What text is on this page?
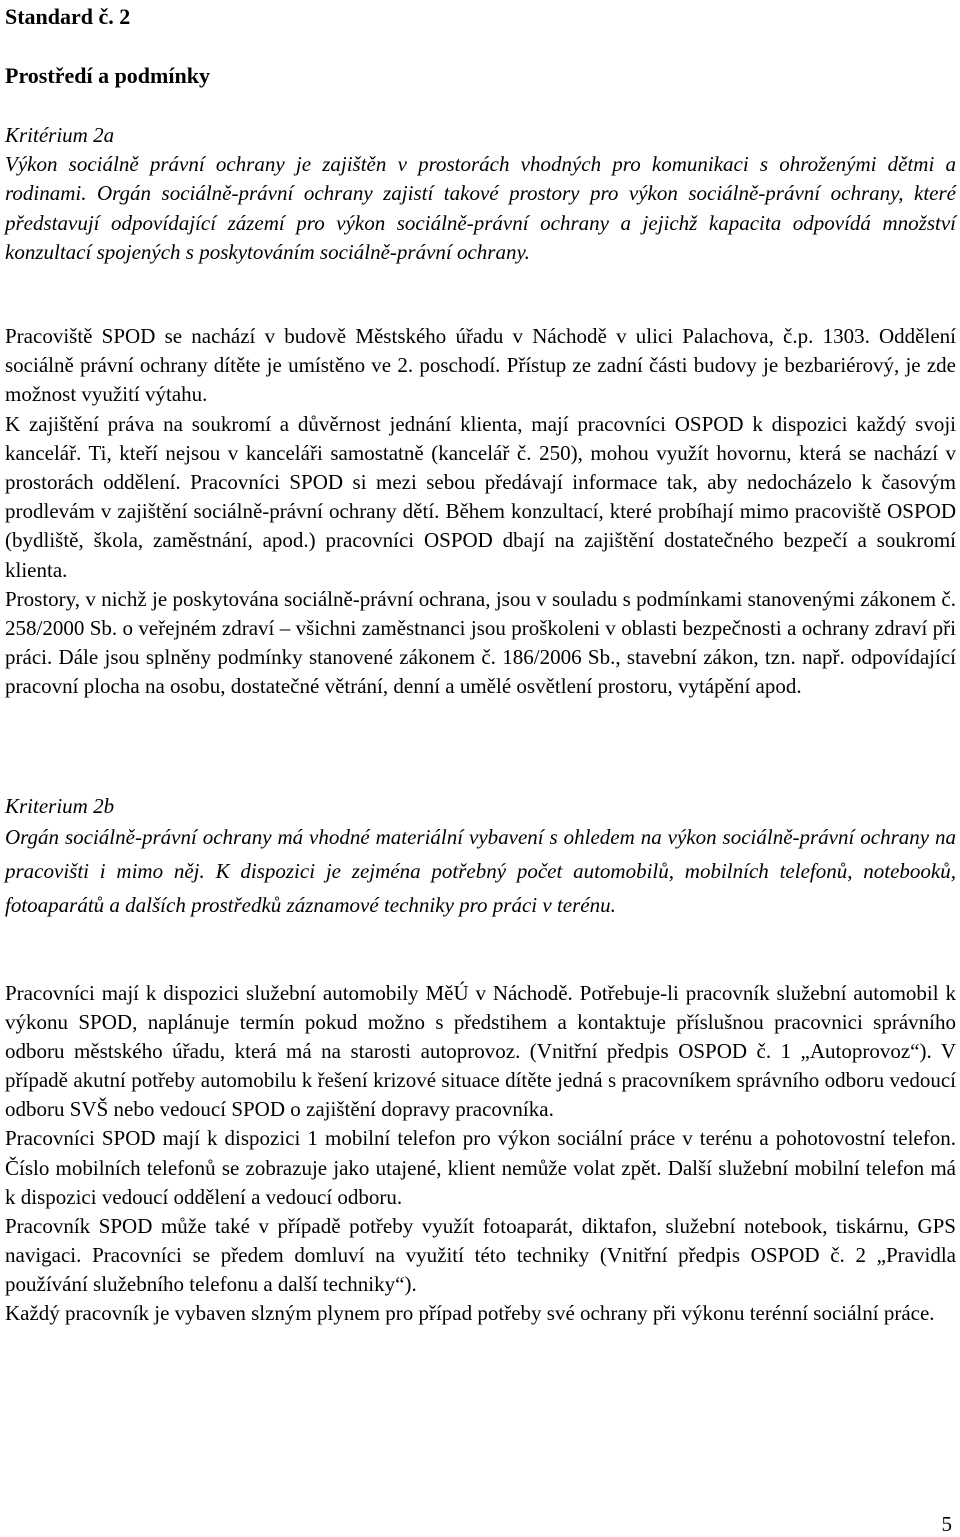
Standard č. 2
Prostředí a podmínky

Kritérium 2a

Výkon sociálně právní ochrany je zajištěn v prostorách vhodných pro komunikaci s ohroženými dětmi a rodinami. Orgán sociálně-právní ochrany zajistí takové prostory pro výkon sociálně-právní ochrany, které představují odpovídající zázemí pro výkon sociálně-právní ochrany a jejichž kapacita odpovídá množství konzultací spojených s poskytováním sociálně-právní ochrany.

Pracoviště SPOD se nachází v budově Městského úřadu v Náchodě v ulici Palachova, č.p. 1303. Oddělení sociálně právní ochrany dítěte je umístěno ve 2. poschodí. Přístup ze zadní části budovy je bezbariérový, je zde možnost využití výtahu.

K zajištění práva na soukromí a důvěrnost jednání klienta, mají pracovníci OSPOD k dispozici každý svoji kancelář. Ti, kteří nejsou v kanceláři samostatně (kancelář č. 250), mohou využít hovornu, která se nachází v prostorách oddělení. Pracovníci SPOD si mezi sebou předávají informace tak, aby nedocházelo k časovým prodlevám v zajištění sociálně-právní ochrany dětí. Během konzultací, které probíhají mimo pracoviště OSPOD (bydliště, škola, zaměstnání, apod.) pracovníci OSPOD dbají na zajištění dostatečného bezpečí a soukromí klienta.

Prostory, v nichž je poskytována sociálně-právní ochrana, jsou v souladu s podmínkami stanovenými zákonem č. 258/2000 Sb. o veřejném zdraví – všichni zaměstnanci jsou proškoleni v oblasti bezpečnosti a ochrany zdraví při práci. Dále jsou splněny podmínky stanovené zákonem č. 186/2006 Sb., stavební zákon, tzn. např. odpovídající pracovní plocha na osobu, dostatečné větrání, denní a umělé osvětlení prostoru, vytápění apod.

Kriterium 2b

Orgán sociálně-právní ochrany má vhodné materiální vybavení s ohledem na výkon sociálně-právní ochrany na pracovišti i mimo něj. K dispozici je zejména potřebný počet automobilů, mobilních telefonů, notebooků, fotoaparátů a dalších prostředků záznamové techniky pro práci v terénu.

Pracovníci mají k dispozici služební automobily MěÚ v Náchodě. Potřebuje-li pracovník služební automobil k výkonu SPOD, naplánuje termín pokud možno s předstihem a kontaktuje příslušnou pracovnici správního odboru městského úřadu, která má na starosti autoprovoz. (Vnitřní předpis OSPOD č. 1 „Autoprovoz“). V případě akutní potřeby automobilu k řešení krizové situace dítěte jedná s pracovníkem správního odboru vedoucí odboru SVŠ nebo vedoucí SPOD o zajištění dopravy pracovníka.

Pracovníci SPOD mají k dispozici 1 mobilní telefon pro výkon sociální práce v terénu a pohotovostní telefon. Číslo mobilních telefonů se zobrazuje jako utajené, klient nemůže volat zpět. Další služební mobilní telefon má k dispozici vedoucí oddělení a vedoucí odboru.

Pracovník SPOD může také v případě potřeby využít fotoaparát, diktafon, služební notebook, tiskárnu, GPS navigaci. Pracovníci se předem domluví na využití této techniky (Vnitřní předpis OSPOD č. 2 „Pravidla používání služebního telefonu a další techniky“).

Každý pracovník je vybaven slzným plynem pro případ potřeby své ochrany při výkonu terénní sociální práce.

5
